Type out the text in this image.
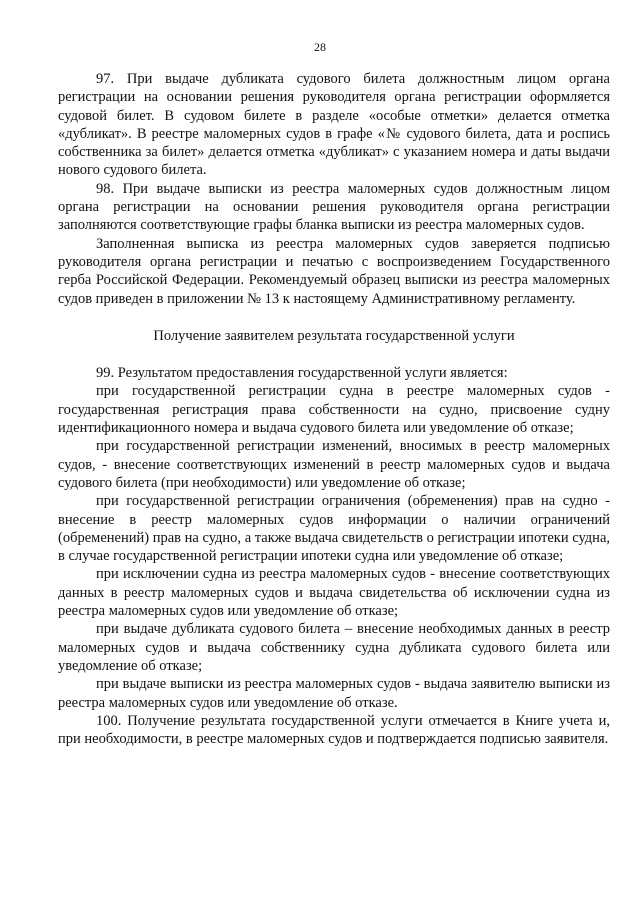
28

97. При выдаче дубликата судового билета должностным лицом органа регистрации на основании решения руководителя органа регистрации оформляется судовой билет. В судовом билете в разделе «особые отметки» делается отметка «дубликат». В реестре маломерных судов в графе «№ судового билета, дата и роспись собственника за билет» делается отметка «дубликат» с указанием номера и даты выдачи нового судового билета.

98. При выдаче выписки из реестра маломерных судов должностным лицом органа регистрации на основании решения руководителя органа регистрации заполняются соответствующие графы бланка выписки из реестра маломерных судов.

Заполненная выписка из реестра маломерных судов заверяется подписью руководителя органа регистрации и печатью с воспроизведением Государственного герба Российской Федерации. Рекомендуемый образец выписки из реестра маломерных судов приведен в приложении № 13 к настоящему Административному регламенту.

Получение заявителем результата государственной услуги

99. Результатом предоставления государственной услуги является:

при государственной регистрации судна в реестре маломерных судов - государственная регистрация права собственности на судно, присвоение судну идентификационного номера и выдача судового билета или уведомление об отказе;

при государственной регистрации изменений, вносимых в реестр маломерных судов, - внесение соответствующих изменений в реестр маломерных судов и выдача судового билета (при необходимости) или уведомление об отказе;

при государственной регистрации ограничения (обременения) прав на судно - внесение в реестр маломерных судов информации о наличии ограничений (обременений) прав на судно, а также выдача свидетельств о регистрации ипотеки судна, в случае государственной регистрации ипотеки судна или уведомление об отказе;

при исключении судна из реестра маломерных судов - внесение соответствующих данных в реестр маломерных судов и выдача свидетельства об исключении судна из реестра маломерных судов или уведомление об отказе;

при выдаче дубликата судового билета – внесение необходимых данных в реестр маломерных судов и выдача собственнику судна дубликата судового билета или уведомление об отказе;

при выдаче выписки из реестра маломерных судов - выдача заявителю выписки из реестра маломерных судов или уведомление об отказе.

100. Получение результата государственной услуги отмечается в Книге учета и, при необходимости, в реестре маломерных судов и подтверждается подписью заявителя.
